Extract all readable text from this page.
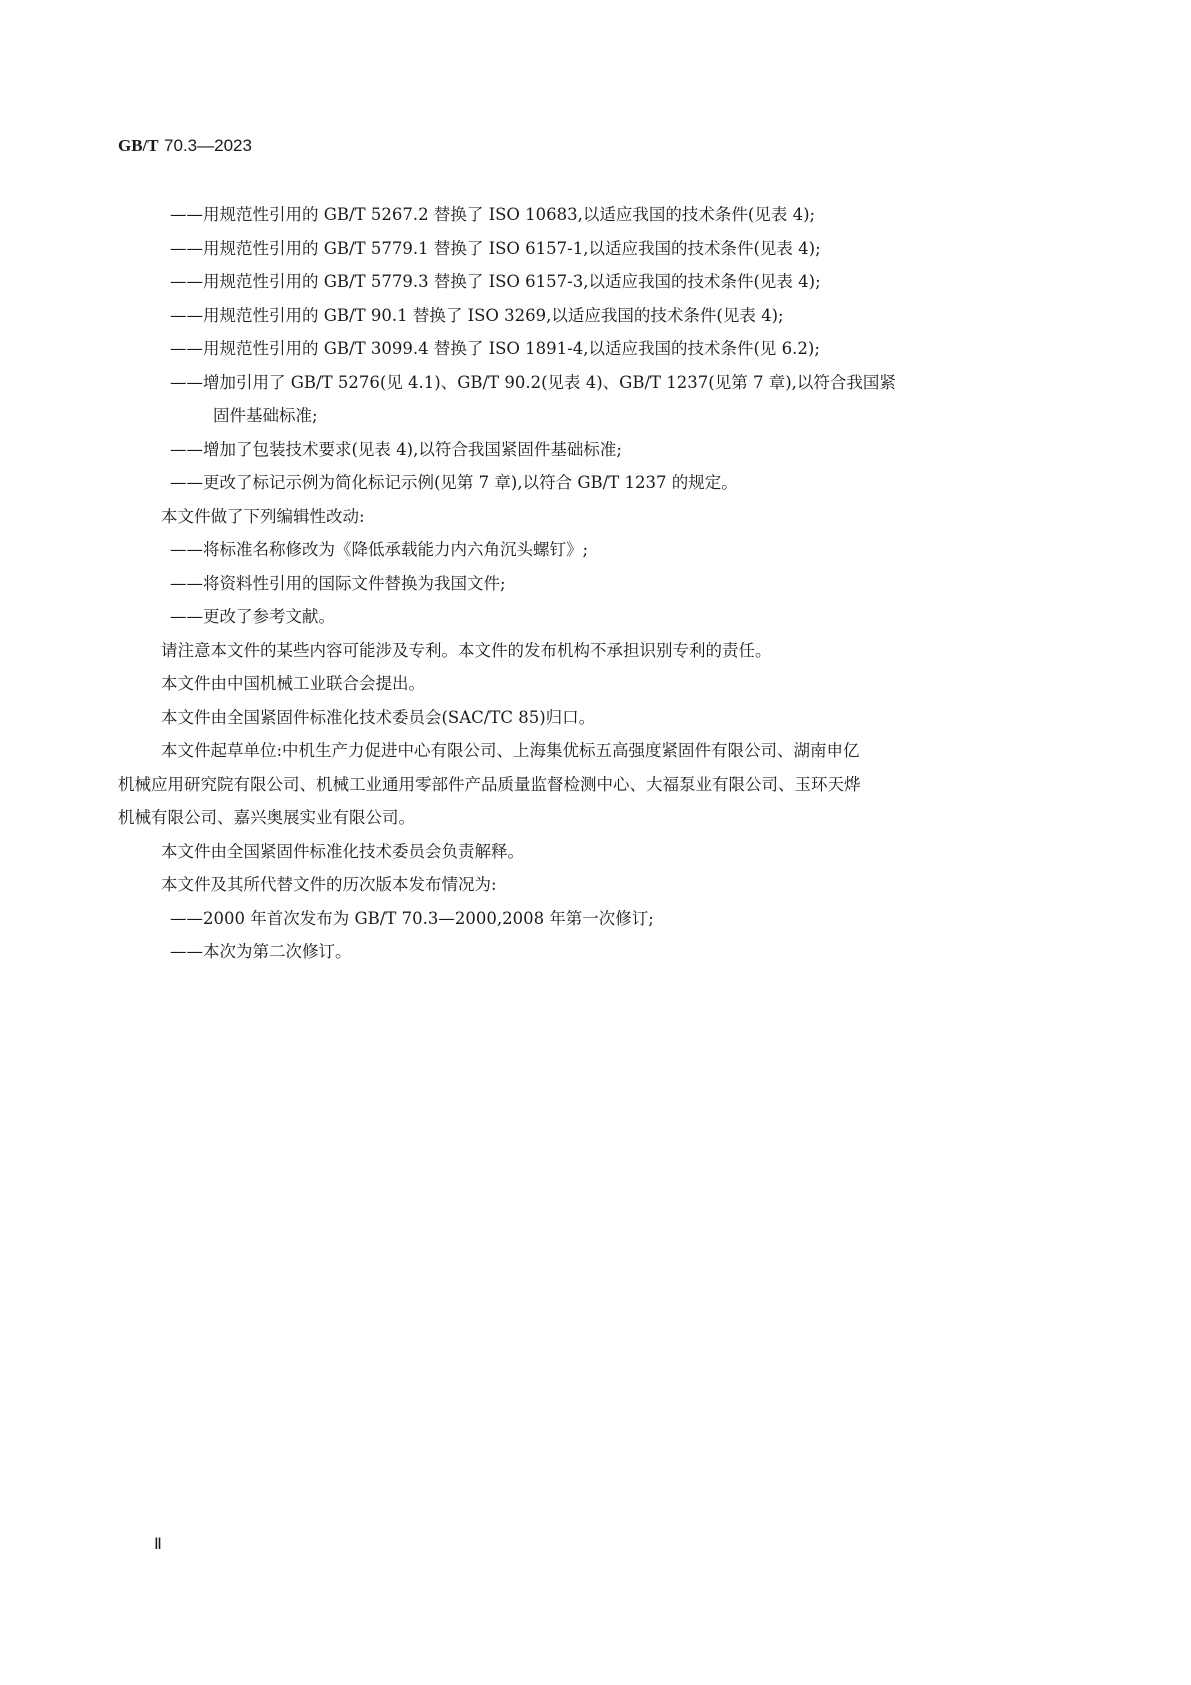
GB/T 70.3—2023
——用规范性引用的 GB/T 5267.2 替换了 ISO 10683,以适应我国的技术条件(见表 4);
——用规范性引用的 GB/T 5779.1 替换了 ISO 6157-1,以适应我国的技术条件(见表 4);
——用规范性引用的 GB/T 5779.3 替换了 ISO 6157-3,以适应我国的技术条件(见表 4);
——用规范性引用的 GB/T 90.1 替换了 ISO 3269,以适应我国的技术条件(见表 4);
——用规范性引用的 GB/T 3099.4 替换了 ISO 1891-4,以适应我国的技术条件(见 6.2);
——增加引用了 GB/T 5276(见 4.1)、GB/T 90.2(见表 4)、GB/T 1237(见第 7 章),以符合我国紧
固件基础标准;
——增加了包装技术要求(见表 4),以符合我国紧固件基础标准;
——更改了标记示例为简化标记示例(见第 7 章),以符合 GB/T 1237 的规定。
本文件做了下列编辑性改动:
——将标准名称修改为《降低承载能力内六角沉头螺钉》;
——将资料性引用的国际文件替换为我国文件;
——更改了参考文献。
请注意本文件的某些内容可能涉及专利。本文件的发布机构不承担识别专利的责任。
本文件由中国机械工业联合会提出。
本文件由全国紧固件标准化技术委员会(SAC/TC 85)归口。
本文件起草单位:中机生产力促进中心有限公司、上海集优标五高强度紧固件有限公司、湖南申亿
机械应用研究院有限公司、机械工业通用零部件产品质量监督检测中心、大福泵业有限公司、玉环天烨
机械有限公司、嘉兴奥展实业有限公司。
本文件由全国紧固件标准化技术委员会负责解释。
本文件及其所代替文件的历次版本发布情况为:
——2000 年首次发布为 GB/T 70.3—2000,2008 年第一次修订;
——本次为第二次修订。
Ⅱ
